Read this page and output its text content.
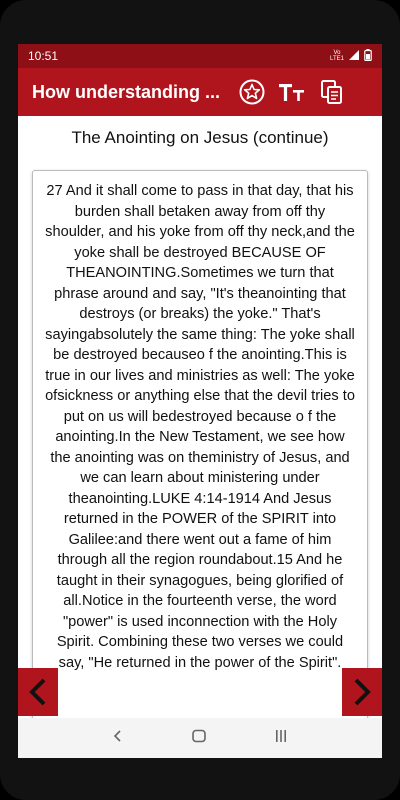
10:51	Vo LTE1
How understanding ...
The Anointing on Jesus (continue)

27 And it shall come to pass in that day, that his burden shall betaken away from off thy shoulder, and his yoke from off thy neck,and the yoke shall be destroyed BECAUSE OF THEANOINTING.Sometimes we turn that phrase around and say, "It's theanointing that destroys (or breaks) the yoke." That's sayingabsolutely the same thing: The yoke shall be destroyed becauseo f the anointing.This is true in our lives and ministries as well: The yoke ofsickness or anything else that the devil tries to put on us will bedestroyed because o f the anointing.In the New Testament, we see how the anointing was on theministry of Jesus, and we can learn about ministering under theanointing.LUKE 4:14-1914 And Jesus returned in the POWER of the SPIRIT into Galilee:and there went out a fame of him through all the region roundabout.15 And he taught in their synagogues, being glorified of all.Notice in the fourteenth verse, the word "power" is used inconnection with the Holy Spirit. Combining these two verses we could say, "He returned in the power of the Spirit".
